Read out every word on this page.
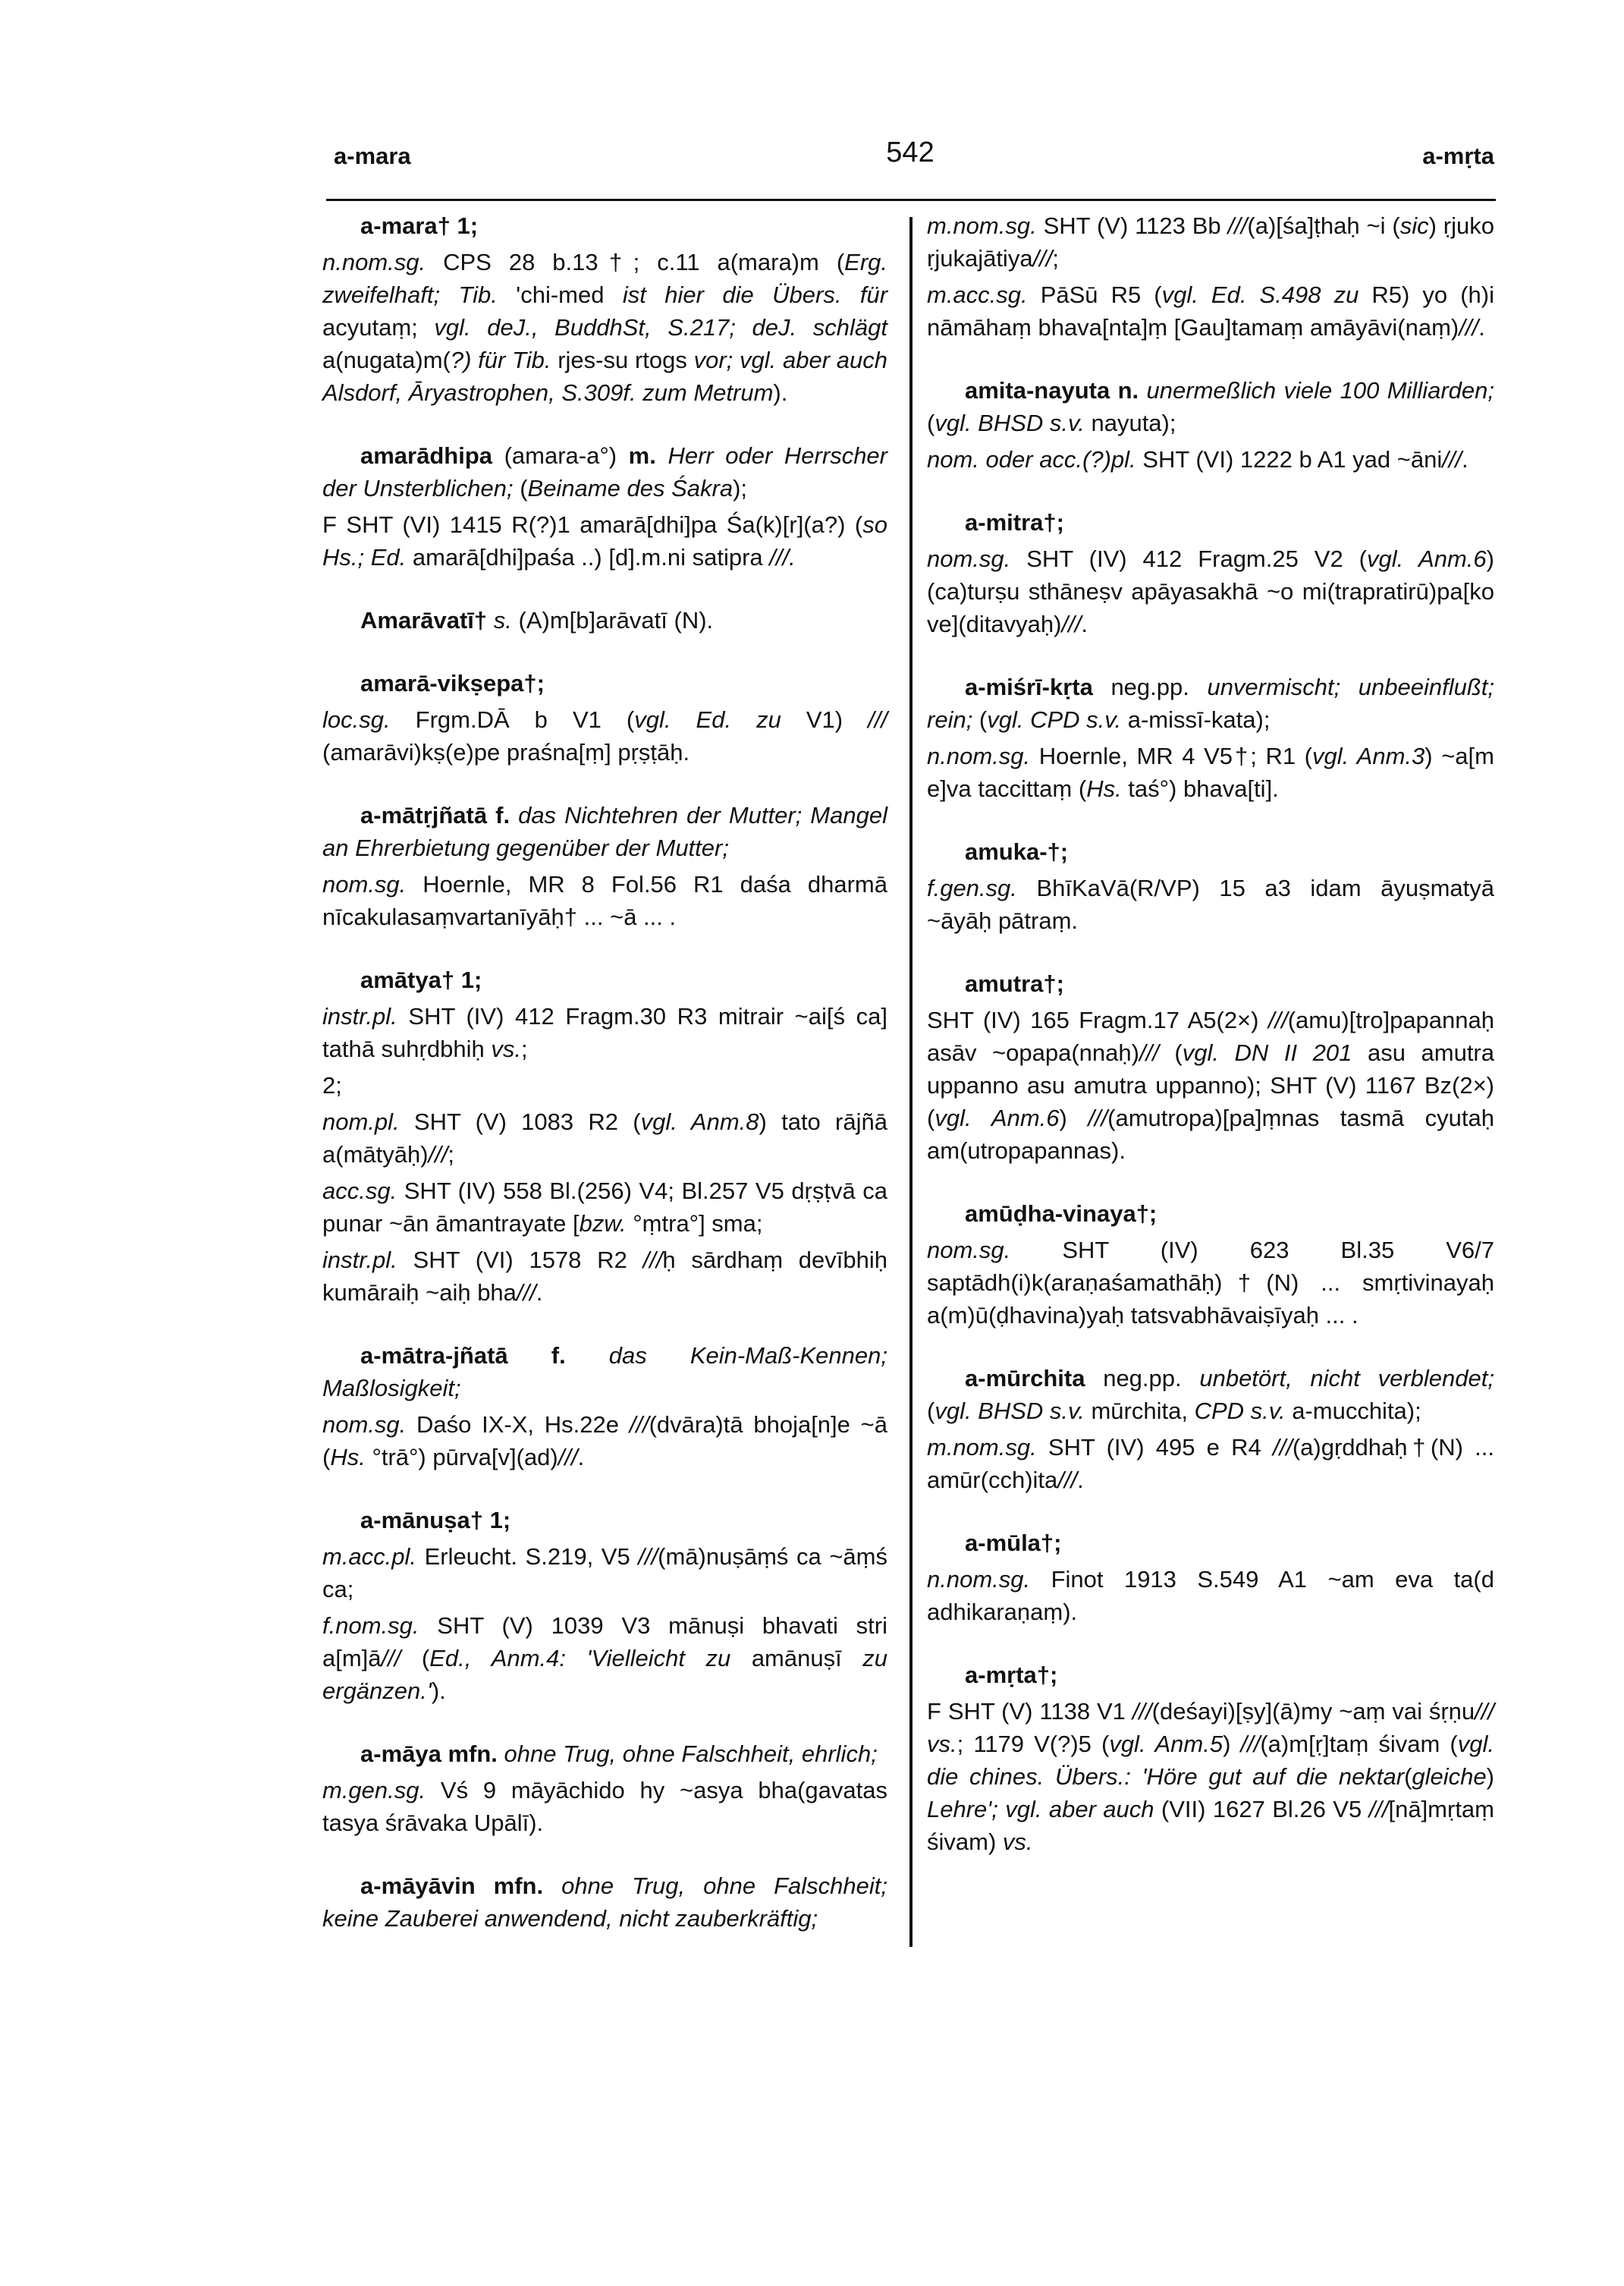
a-mara	542	a-mṛta

a-mara† 1;

n.nom.sg. CPS 28 b.13†; c.11 a(mara)m (Erg. zweifelhaft; Tib. 'chi-med ist hier die Übers. für acyutaṃ; vgl. deJ., BuddhSt, S.217; deJ. schlägt a(nugata)m(?) für Tib. rjes-su rtogs vor; vgl. aber auch Alsdorf, Āryastrophen, S.309f. zum Metrum).

amarādhipa (amara-a°) m. Herr oder Herrscher der Unsterblichen; (Beiname des Śakra);

F SHT (VI) 1415 R(?)1 amarā[dhi]pa Śa(k)[r](a?) (so Hs.; Ed. amarā[dhi]paśa ..) [d].m.ni satipra ///.

Amarāvatī† s. (A)m[b]arāvatī (N).

amarā-vikṣepa†;

loc.sg. Frgm.DĀ b V1 (vgl. Ed. zu V1) /// (amarāvi)kṣ(e)pe praśna[ṃ] pṛṣṭāḥ.

a-mātṛjñatā f. das Nichtehren der Mutter; Mangel an Ehrerbietung gegenüber der Mutter;

nom.sg. Hoernle, MR 8 Fol.56 R1 daśa dharmā nīcakulasaṃvartanīyāḥ† ... ~ā ... .

amātya† 1;

instr.pl. SHT (IV) 412 Fragm.30 R3 mitrair ~ai[ś ca] tathā suhṛdbhiḥ vs.;

2;

nom.pl. SHT (V) 1083 R2 (vgl. Anm.8) tato rājñā a(mātyāḥ)///;

acc.sg. SHT (IV) 558 Bl.(256) V4; Bl.257 V5 dṛṣṭvā ca punar ~ān āmantrayate [bzw. °ṃtra°] sma;

instr.pl. SHT (VI) 1578 R2 ///ḥ sārdhaṃ devībhiḥ kumāraiḥ ~aiḥ bha///.

a-mātra-jñatā f. das Kein-Maß-Kennen; Maßlosigkeit;

nom.sg. Daśo IX-X, Hs.22e ///(dvāra)tā bhoja[n]e ~ā (Hs. °trā°) pūrva[v](ad)///.

a-mānuṣa† 1;

m.acc.pl. Erleucht. S.219, V5 ///(mā)nuṣāṃś ca ~āṃś ca;

f.nom.sg. SHT (V) 1039 V3 mānuṣi bhavati stri a[m]ā/// (Ed., Anm.4: 'Vielleicht zu amānuṣī zu ergänzen.').

a-māya mfn. ohne Trug, ohne Falschheit, ehrlich;

m.gen.sg. Vś 9 māyāchido hy ~asya bha(gavatas tasya śrāvaka Upālī).

a-māyāvin mfn. ohne Trug, ohne Falschheit; keine Zauberei anwendend, nicht zauberkräftig;

m.nom.sg. SHT (V) 1123 Bb ///(a)[śa]ṭhaḥ ~i (sic) ṛjuko ṛjukajātiya///;

m.acc.sg. PāSū R5 (vgl. Ed. S.498 zu R5) yo (h)i nāmāhaṃ bhava[nta]ṃ [Gau]tamaṃ amāyāvi(naṃ)///.

amita-nayuta n. unermeßlich viele 100 Milliarden; (vgl. BHSD s.v. nayuta);

nom. oder acc.(?)pl. SHT (VI) 1222 b A1 yad ~āni///.

a-mitra†;

nom.sg. SHT (IV) 412 Fragm.25 V2 (vgl. Anm.6) (ca)turṣu sthāneṣv apāyasakhā ~o mi(trapratirū)pa[ko ve](ditavyaḥ)///.

a-miśrī-kṛta neg.pp. unvermischt; unbeeinflußt; rein; (vgl. CPD s.v. a-missī-kata);

n.nom.sg. Hoernle, MR 4 V5†; R1 (vgl. Anm.3) ~a[m e]va taccittaṃ (Hs. taś°) bhava[ti].

amuka-†;

f.gen.sg. BhīKaVā(R/VP) 15 a3 idam āyuṣmatyā ~āyāḥ pātraṃ.

amutra†;

SHT (IV) 165 Fragm.17 A5(2×) ///(amu)[tro]papannaḥ asāv ~opapa(nnaḥ)/// (vgl. DN II 201 asu amutra uppanno asu amutra uppanno); SHT (V) 1167 Bz(2×) (vgl. Anm.6) ///(amutropa)[pa]ṃnas tasmā cyutaḥ am(utropapannas).

amūḍha-vinaya†;

nom.sg. SHT (IV) 623 Bl.35 V6/7 saptādh(i)k(araṇaśamathāḥ)†(N) ... smṛtivinayaḥ a(m)ū(ḍhavina)yaḥ tatsvabhāvaiṣīyaḥ ... .

a-mūrchita neg.pp. unbetört, nicht verblendet; (vgl. BHSD s.v. mūrchita, CPD s.v. a-mucchita);

m.nom.sg. SHT (IV) 495 e R4 ///(a)gṛddhaḥ†(N) ... amūr(cch)ita///.

a-mūla†;

n.nom.sg. Finot 1913 S.549 A1 ~am eva ta(d adhikaraṇaṃ).

a-mṛta†;

F SHT (V) 1138 V1 ///(deśayi)[ṣy](ā)my ~aṃ vai śṛṇu/// vs.; 1179 V(?)5 (vgl. Anm.5) ///(a)m[ṛ]taṃ śivam (vgl. die chines. Übers.: 'Höre gut auf die nektar(gleiche) Lehre'; vgl. aber auch (VII) 1627 Bl.26 V5 ///[nā]mṛtaṃ śivam) vs.
